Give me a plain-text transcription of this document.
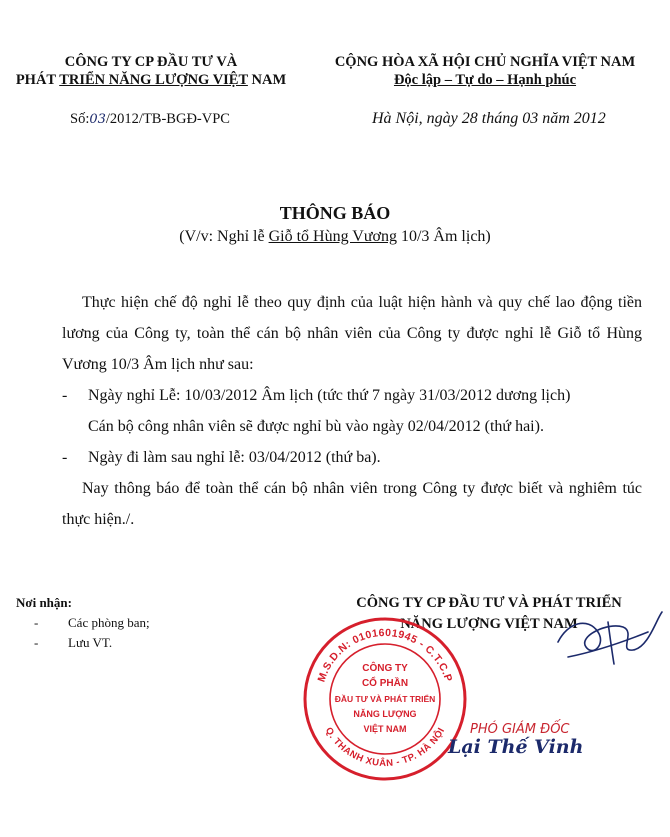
CÔNG TY CP ĐẦU TƯ VÀ
PHÁT TRIỂN NĂNG LƯỢNG VIỆT NAM
Số:03/2012/TB-BGĐ-VPC
CỘNG HÒA XÃ HỘI CHỦ NGHĨA VIỆT NAM
Độc lập – Tự do – Hạnh phúc
Hà Nội, ngày 28 tháng 03 năm 2012
THÔNG BÁO
(V/v: Nghỉ lễ Giỗ tổ Hùng Vương 10/3 Âm lịch)
Thực hiện chế độ nghỉ lễ theo quy định của luật hiện hành và quy chế lao động tiền lương của Công ty, toàn thể cán bộ nhân viên của Công ty được nghỉ lễ Giỗ tổ Hùng Vương 10/3 Âm lịch như sau:
-	Ngày nghỉ Lễ: 10/03/2012 Âm lịch (tức thứ 7 ngày 31/03/2012 dương lịch)
Cán bộ công nhân viên sẽ được nghỉ bù vào ngày 02/04/2012 (thứ hai).
-	Ngày đi làm sau nghỉ lễ: 03/04/2012 (thứ ba).
Nay thông báo để toàn thể cán bộ nhân viên trong Công ty được biết và nghiêm túc thực hiện./.
Nơi nhận:
-	Các phòng ban;
-	Lưu VT.
CÔNG TY CP ĐẦU TƯ VÀ PHÁT TRIỂN
NĂNG LƯỢNG VIỆT NAM
M.S.D.N: 0101601945 - C.T.C.P
Q. THANH XUÂN - TP. HÀ NỘI
CÔNG TY
CỔ PHẦN
ĐẦU TƯ VÀ PHÁT TRIỂN
NĂNG LƯỢNG
VIỆT NAM	PHÓ GIÁM ĐỐC
Lại Thế Vinh
